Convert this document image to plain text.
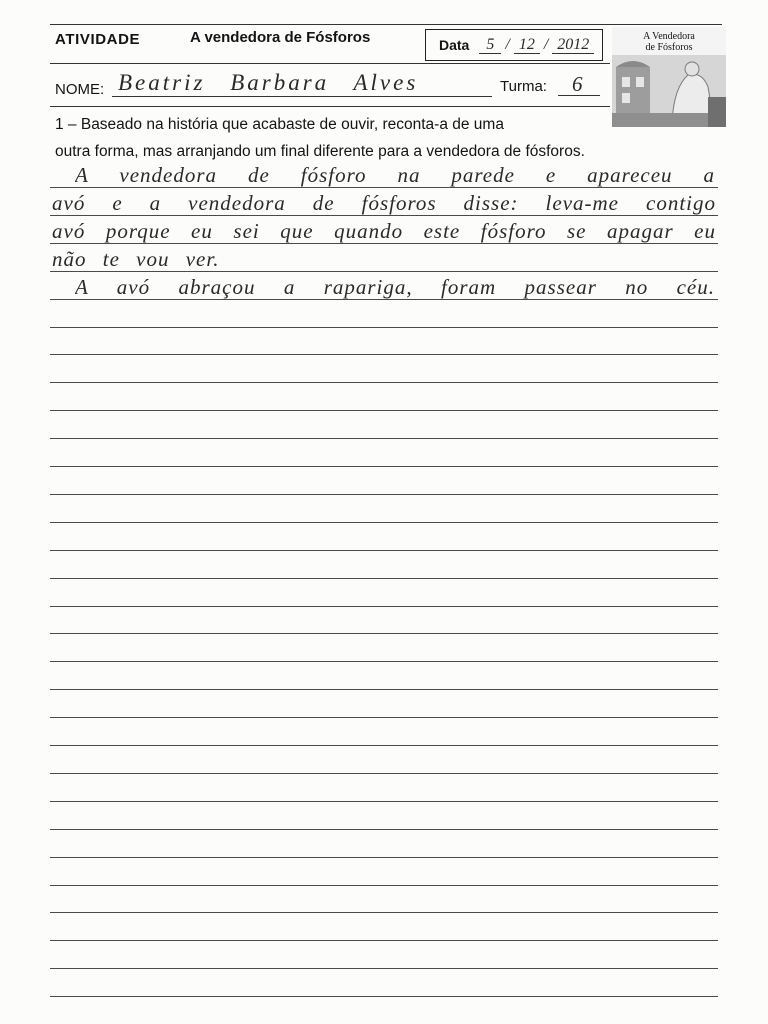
ATIVIDADE	A vendedora de Fósforos	Data	5 / 12 / 2012	A Vendedora
de Fósforos
NOME: Beatriz Barbara Alves	Turma: 6
1 – Baseado na história que acabaste de ouvir, reconta-a de uma
outra forma, mas arranjando um final diferente para a vendedora de fósforos.
A vendedora de fósforo na parede e apareceu a
avó e a vendedora de fósforos disse: leva-me contigo
avó porque eu sei que quando este fósforo se apagar eu
não te vou ver.
A avó abraçou a rapariga, foram passear no céu.
